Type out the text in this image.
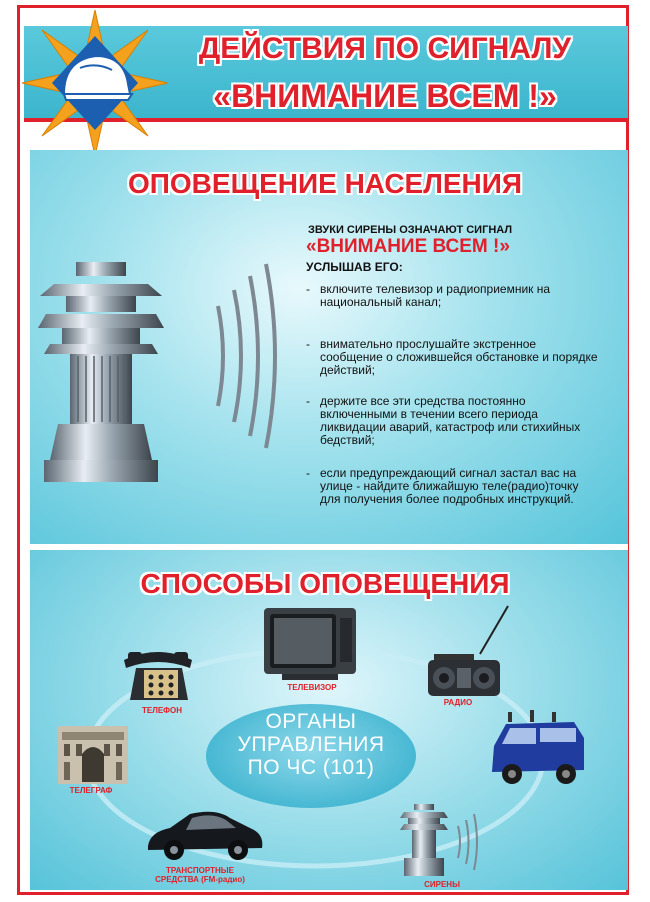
ДЕЙСТВИЯ ПО СИГНАЛУ
«ВНИМАНИЕ ВСЕМ !»
ОПОВЕЩЕНИЕ НАСЕЛЕНИЯ
ЗВУКИ СИРЕНЫ ОЗНАЧАЮТ СИГНАЛ
«ВНИМАНИЕ ВСЕМ !»
УСЛЫШАВ ЕГО:
- включите телевизор и радиоприемник на национальный канал;
- внимательно прослушайте экстренное сообщение о сложившейся обстановке и порядке действий;
- держите все эти средства постоянно включенными в течении всего периода ликвидации аварий, катастроф или стихийных бедствий;
- если предупреждающий сигнал застал вас на улице - найдите ближайшую теле(радио)точку для получения более подробных инструкций.
СПОСОБЫ ОПОВЕЩЕНИЯ
ОРГАНЫ
УПРАВЛЕНИЯ
ПО ЧС (101)
ТЕЛЕВИЗОР
ТЕЛЕФОН
РАДИО
ТЕЛЕГРАФ
ТРАНСПОРТНЫЕ
СРЕДСТВА (FM-радио)
СИРЕНЫ
